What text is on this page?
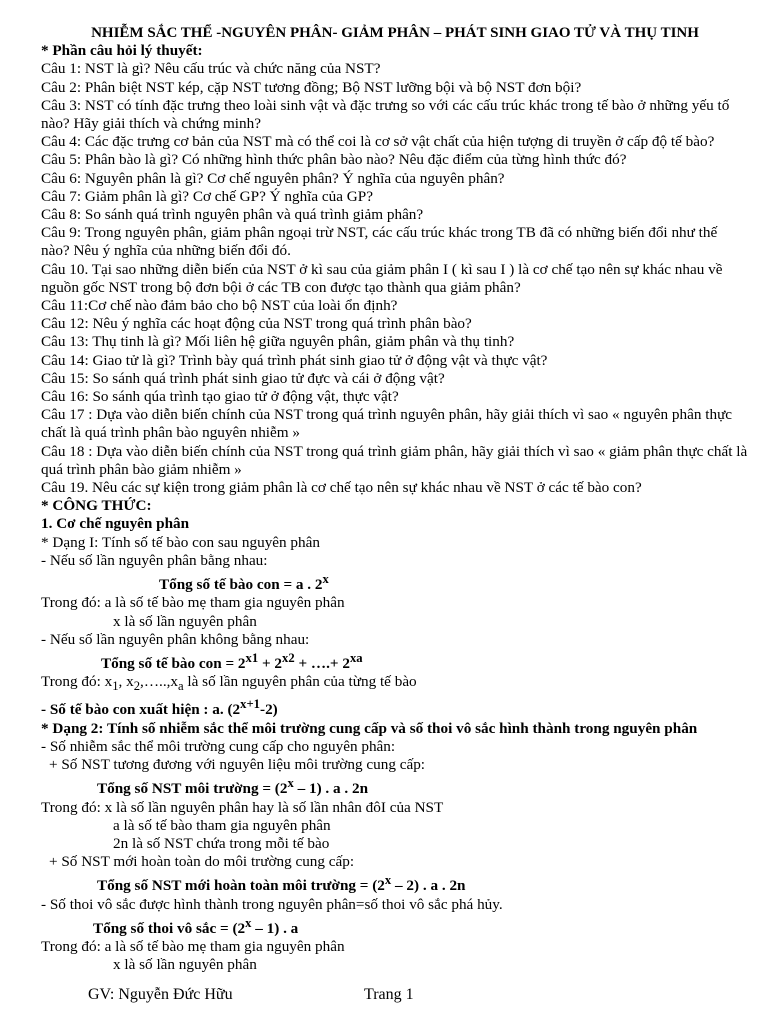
NHIỄM SẮC THỂ -NGUYÊN PHÂN- GIẢM PHÂN – PHÁT SINH GIAO TỬ VÀ THỤ TINH
* Phần câu hỏi lý thuyết:
Câu 1: NST là gì? Nêu cấu trúc và chức năng của NST?
Câu 2: Phân biệt NST kép, cặp NST tương đồng; Bộ NST lưỡng bội và bộ NST đơn bội?
Câu 3: NST có tính đặc trưng theo loài sinh vật và đặc trưng so với các cấu trúc khác trong tế bào ở những yếu tố nào? Hãy giải thích và chứng minh?
Câu 4: Các đặc trưng cơ bản của NST mà có thể coi là cơ sở vật chất của hiện tượng di truyền ở cấp độ tế bào?
Câu 5: Phân bào là gì? Có những hình thức phân bào nào? Nêu đặc điểm của từng hình thức đó?
Câu 6: Nguyên phân là gì? Cơ chế nguyên phân? Ý nghĩa của nguyên phân?
Câu 7: Giảm phân là gì? Cơ chế GP? Ý nghĩa của GP?
Câu 8: So sánh quá trình nguyên phân và quá trình giảm phân?
Câu 9: Trong nguyên phân, giảm phân ngoại trừ NST, các cấu trúc khác trong TB đã có những biến đổi như thế nào? Nêu ý nghĩa của những biến đổi đó.
Câu 10. Tại sao những diễn biến của NST ở kì sau của giảm phân I ( kì sau I ) là cơ chế tạo nên sự khác nhau về nguồn gốc NST trong bộ đơn bội ở các TB con được tạo thành qua giảm phân?
Câu 11:Cơ chế nào đảm bảo cho bộ NST của loài ổn định?
Câu 12: Nêu ý nghĩa các hoạt động của NST trong quá trình phân bào?
Câu 13: Thụ tinh là gì? Mối liên hệ giữa nguyên phân, giảm phân và thụ tinh?
Câu 14: Giao tử là gì? Trình bày quá trình phát sinh giao tử ở động vật và thực vật?
Câu 15: So sánh quá trình phát sinh giao tử đực và cái ở động vật?
Câu 16: So sánh qúa trình tạo giao tử ở động vật, thực vật?
Câu 17 : Dựa vào diễn biến chính của NST trong quá trình nguyên phân, hãy giải thích vì sao « nguyên phân thực chất là quá trình phân bào nguyên nhiễm »
Câu 18 : Dựa vào diễn biến chính của NST trong quá trình giảm phân, hãy giải thích vì sao « giảm phân thực chất là quá trình phân bào giảm nhiễm »
Câu 19. Nêu các sự kiện trong giảm phân là cơ chế tạo nên sự khác nhau về NST ở các tế bào con?
* CÔNG THỨC:
1. Cơ chế nguyên phân
* Dạng I: Tính số tế bào con sau nguyên phân
- Nếu số lần nguyên phân bằng nhau:
Tổng số tế bào con = a . 2$^x$
Trong đó: a là số tế bào mẹ tham gia nguyên phân
x là số lần nguyên phân
- Nếu số lần nguyên phân không bằng nhau:
Tổng số tế bào con = $2^{x1} + 2^{x2}$ + ….+ $2^{xa}$
Trong đó: $x_1$, $x_2,\dots..,x_a$ là số lần nguyên phân của từng tế bào
- Số tế bào con xuất hiện : a. $(2^{x+1}-2)$
* Dạng 2: Tính số nhiễm sắc thể môi trường cung cấp và số thoi vô sắc hình thành trong nguyên phân
- Số nhiễm sắc thể môi trường cung cấp cho nguyên phân:
+ Số NST tương đương với nguyên liệu môi trường cung cấp:
Tổng số NST môi trường = $(2^x - 1)$ . a . 2n
Trong đó: x là số lần nguyên phân hay là số lần nhân đôI của NST
a là số tế bào tham gia nguyên phân
2n là số NST chứa trong mỗi tế bào
+ Số NST mới hoàn toàn do môi trường cung cấp:
Tổng số NST mới hoàn toàn môi trường = $(2^x - 2)$ . a . 2n
- Số thoi vô sắc được hình thành trong nguyên phân=số thoi vô sắc phá hủy.
Tổng số thoi vô sắc = $(2^x - 1)$ . a
Trong đó: a là số tế bào mẹ tham gia nguyên phân
x là số lần nguyên phân
GV: Nguyễn Đức Hữu	Trang 1
